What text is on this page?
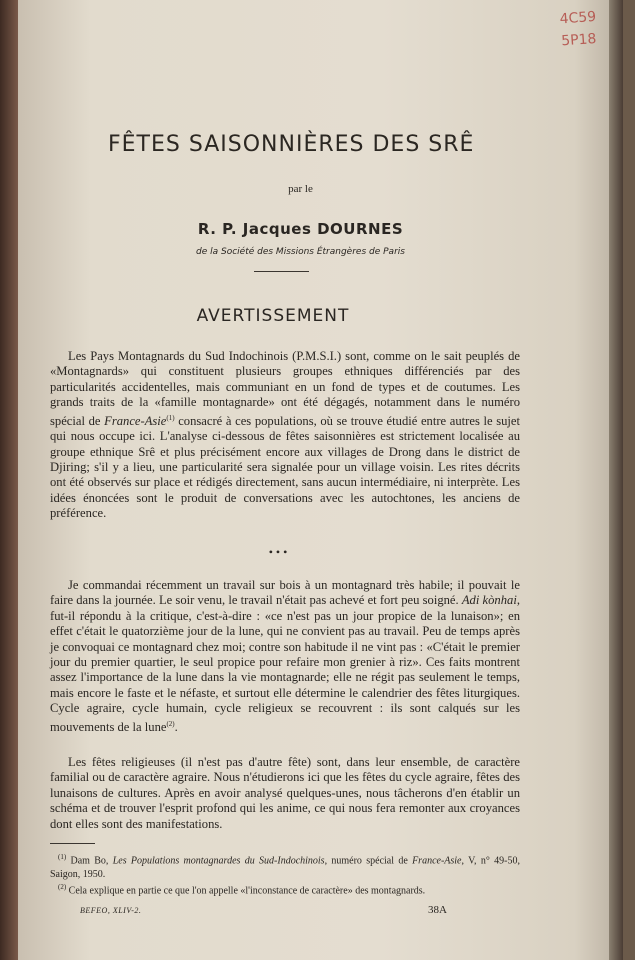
4C59
5P18
FÊTES SAISONNIÈRES DES SRÊ
par le
R. P. Jacques DOURNES
de la Société des Missions Étrangères de Paris
AVERTISSEMENT

Les Pays Montagnards du Sud Indochinois (P.M.S.I.) sont, comme on le sait peuplés de «Montagnards» qui constituent plusieurs groupes ethniques différenciés par des particularités accidentelles, mais communiant en un fond de types et de coutumes. Les grands traits de la «famille montagnarde» ont été dégagés, notamment dans le numéro spécial de France-Asie$^{(1)}$ consacré à ces populations, où se trouve étudié entre autres le sujet qui nous occupe ici. L'analyse ci-dessous de fêtes saisonnières est strictement localisée au groupe ethnique Srê et plus précisément encore aux villages de Drong dans le district de Djiring; s'il y a lieu, une particularité sera signalée pour un village voisin. Les rites décrits ont été observés sur place et rédigés directement, sans aucun intermédiaire, ni interprète. Les idées énoncées sont le produit de conversations avec les autochtones, les anciens de préférence.

• • •

Je commandai récemment un travail sur bois à un montagnard très habile; il pouvait le faire dans la journée. Le soir venu, le travail n'était pas achevé et fort peu soigné. Adi kònhai, fut-il répondu à la critique, c'est-à-dire : «ce n'est pas un jour propice de la lunaison»; en effet c'était le quatorzième jour de la lune, qui ne convient pas au travail. Peu de temps après je convoquai ce montagnard chez moi; contre son habitude il ne vint pas : «C'était le premier jour du premier quartier, le seul propice pour refaire mon grenier à riz». Ces faits montrent assez l'importance de la lune dans la vie montagnarde; elle ne régit pas seulement le temps, mais encore le faste et le néfaste, et surtout elle détermine le calendrier des fêtes liturgiques. Cycle agraire, cycle humain, cycle religieux se recouvrent : ils sont calqués sur les mouvements de la lune$^{(2)}$.

Les fêtes religieuses (il n'est pas d'autre fête) sont, dans leur ensemble, de caractère familial ou de caractère agraire. Nous n'étudierons ici que les fêtes du cycle agraire, fêtes des lunaisons de cultures. Après en avoir analysé quelques-unes, nous tâcherons d'en établir un schéma et de trouver l'esprit profond qui les anime, ce qui nous fera remonter aux croyances dont elles sont des manifestations.

$^{(1)}$ Dam Bo, Les Populations montagnardes du Sud-Indochinois, numéro spécial de France-Asie, V, n° 49-50, Saigon, 1950.

$^{(2)}$ Cela explique en partie ce que l'on appelle «l'inconstance de caractère» des montagnards.

BEFEO, XLIV-2.	38A
